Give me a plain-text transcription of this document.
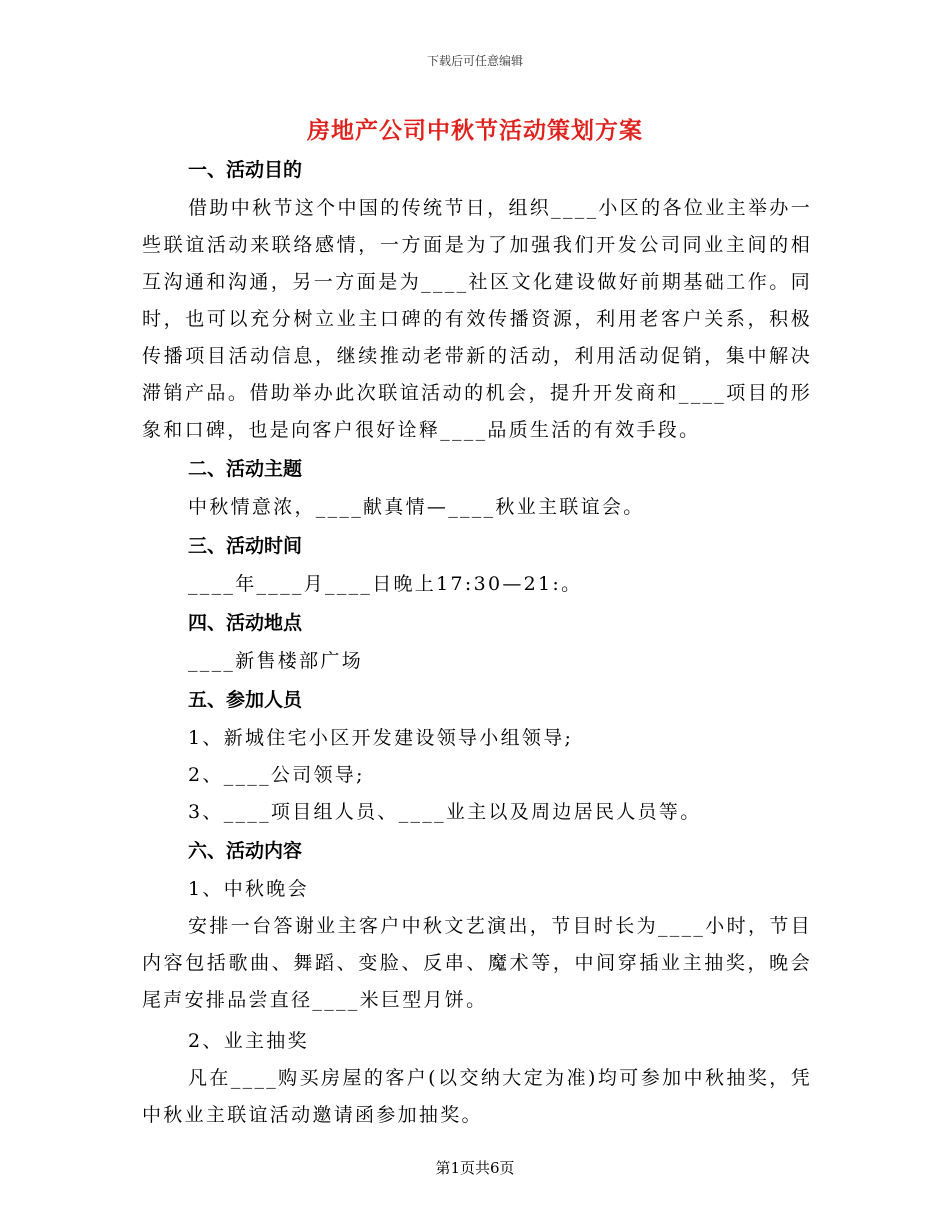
下载后可任意编辑
房地产公司中秋节活动策划方案
一、活动目的

借助中秋节这个中国的传统节日，组织____小区的各位业主举办一些联谊活动来联络感情，一方面是为了加强我们开发公司同业主间的相互沟通和沟通，另一方面是为____社区文化建设做好前期基础工作。同时，也可以充分树立业主口碑的有效传播资源，利用老客户关系，积极传播项目活动信息，继续推动老带新的活动，利用活动促销，集中解决滞销产品。借助举办此次联谊活动的机会，提升开发商和____项目的形象和口碑，也是向客户很好诠释____品质生活的有效手段。

二、活动主题

中秋情意浓，____献真情—____秋业主联谊会。

三、活动时间

____年____月____日晚上17:30—21:。

四、活动地点

____新售楼部广场

五、参加人员

1、新城住宅小区开发建设领导小组领导;

2、____公司领导;

3、____项目组人员、____业主以及周边居民人员等。

六、活动内容

1、中秋晚会

安排一台答谢业主客户中秋文艺演出，节目时长为____小时，节目内容包括歌曲、舞蹈、变脸、反串、魔术等，中间穿插业主抽奖，晚会尾声安排品尝直径____米巨型月饼。

2、业主抽奖

凡在____购买房屋的客户(以交纳大定为准)均可参加中秋抽奖，凭中秋业主联谊活动邀请函参加抽奖。

第1页共6页
